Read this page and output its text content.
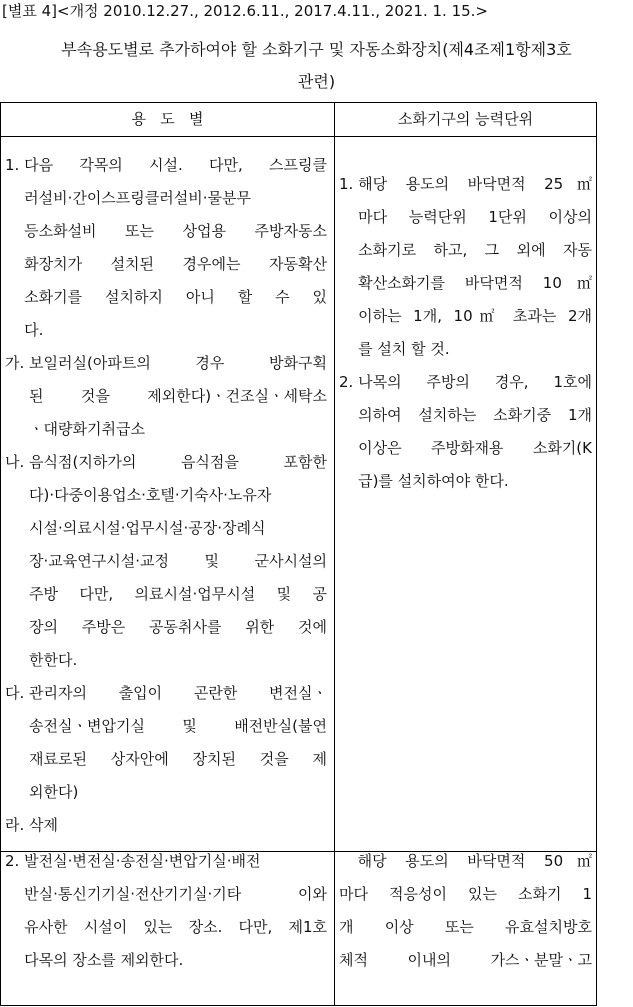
[별표 4]<개정 2010.12.27., 2012.6.11., 2017.4.11., 2021. 1. 15.>
부속용도별로 추가하여야 할 소화기구 및 자동소화장치(제4조제1항제3호
관련)
용   도   별	소화기구의 능력단위
1. 다음 각목의 시설. 다만, 스프링클

러설비·간이스프링클러설비·물분무

등소화설비 또는 상업용 주방자동소

화장치가 설치된 경우에는 자동확산

소화기를 설치하지 아니 할 수 있

다.

가. 보일러실(아파트의 경우 방화구획

된 것을 제외한다)ㆍ건조실ㆍ세탁소

ㆍ대량화기취급소

나. 음식점(지하가의 음식점을 포함한

다)·다중이용업소·호텔·기숙사·노유자

시설·의료시설·업무시설·공장·장례식

장·교육연구시설·교정 및 군사시설의

주방 다만, 의료시설·업무시설 및 공

장의 주방은 공동취사를 위한 것에

한한다.

다. 관리자의 출입이 곤란한 변전실ㆍ

송전실ㆍ변압기실 및 배전반실(불연

재료로된 상자안에 장치된 것을 제

외한다)

라. 삭제

1. 해당 용도의 바닥면적 25㎡

마다 능력단위 1단위 이상의

소화기로 하고, 그 외에 자동

확산소화기를 바닥면적 10㎡

이하는 1개, 10㎡ 초과는 2개

를 설치 할 것.

2. 나목의 주방의 경우, 1호에

의하여 설치하는 소화기중 1개

이상은 주방화재용 소화기(K

급)를 설치하여야 한다.

2. 발전실·변전실·송전실·변압기실·배전

반실·통신기기실·전산기기실·기타 이와

유사한 시설이 있는 장소. 다만, 제1호

다목의 장소를 제외한다.

해당 용도의 바닥면적 50㎡
마다 적응성이 있는 소화기 1
개 이상 또는 유효설치방호
체적 이내의 가스ㆍ분말ㆍ고
